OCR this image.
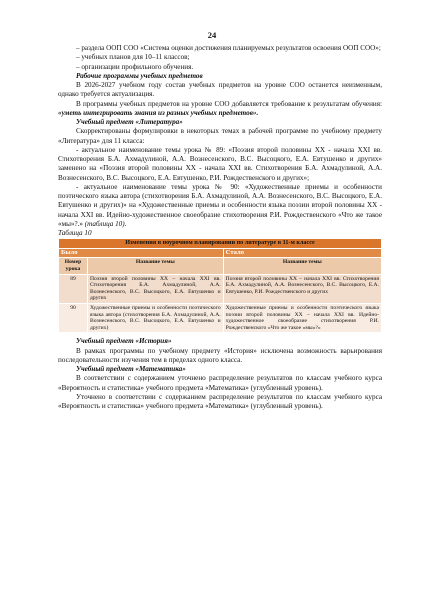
24

– раздела ООП СОО «Система оценки достижения планируемых результатов освоения ООП СОО»;

– учебных планов для 10–11 классов;

– организации профильного обучения.

Рабочие программы учебных предметов

В 2026-2027 учебном году состав учебных предметов на уровне СОО останется неизменным, однако требуется актуализация.

В программы учебных предметов на уровне СОО добавляется требование к результатам обучения: «уметь интегрировать знания из разных учебных предметов».

Учебный предмет «Литература»

Скорректированы формулировки в некоторых темах в рабочей программе по учебному предмету «Литература» для 11 класса:

- актуальное наименование темы урока № 89: «Поэзия второй половины XX - начала XXI вв. Стихотворения Б.А. Ахмадулиной, А.А. Вознесенского, В.С. Высоцкого, Е.А. Евтушенко и других» заменено на «Поэзия второй половины XX - начала XXI вв. Стихотворения Б.А. Ахмадулиной, А.А. Вознесенского, В.С. Высоцкого, Е.А. Евтушенко, Р.И. Рождественского и других»;

- актуальное наименование темы урока № 90: «Художественные приемы и особенности поэтического языка автора (стихотворения Б.А. Ахмадулиной, А.А. Вознесенского, В.С. Высоцкого, Е.А. Евтушенко и других)» на «Художественные приемы и особенности языка поэзии второй половины XX - начала XXI вв. Идейно-художественное своеобразие стихотворения Р.И. Рождественского «Что же такое «мы»?.» (таблица 10).

Таблица 10

Изменения в поурочном планировании по литературе в 11-м классе		
Было		Стало
Номер урока	Название темы	Название темы
89	Поэзия второй половины XX – начала XXI вв. Стихотворения Б.А. Ахмадулиной, А.А. Вознесенского, В.С. Высоцкого, Е.А. Евтушенко и других	Поэзия второй половины XX – начала XXI вв. Стихотворения Б.А. Ахмадулиной, А.А. Вознесенского, В.С. Высоцкого, Е.А. Евтушенко, Р.И. Рождественского и других
90	Художественные приемы и особенности поэтического языка автора (стихотворения Б.А. Ахмадулиной, А.А. Вознесенского, В.С. Высоцкого, Е.А. Евтушенко и других)	Художественные приемы и особенности поэтического языка поэзии второй половины XX – начала XXI вв. Идейно-художественное своеобразие стихотворения Р.И. Рождественского «Что же такое «мы»?»

Учебный предмет «История»

В рамках программы по учебному предмету «История» исключена возможность варьирования последовательности изучения тем в пределах одного класса.

Учебный предмет «Математика»

В соответствии с содержанием уточнено распределение результатов по классам учебного курса «Вероятность и статистика» учебного предмета «Математика» (углубленный уровень).

Уточнено в соответствии с содержанием распределение результатов по классам учебного курса «Вероятность и статистика» учебного предмета «Математика» (углубленный уровень).
